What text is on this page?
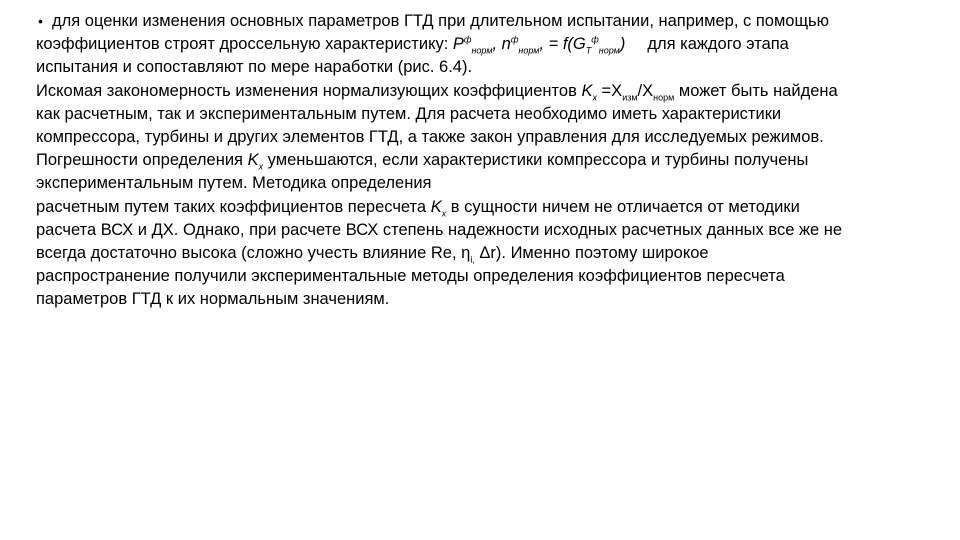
• для оценки изменения основных параметров ГТД при длительном испытании, например, с помощью
коэффициентов строят дроссельную характеристику: $P^ф_{норм}$, $n^ф_{норм}$, = $f(G_T^ф_{норм})$ для каждого этапа
испытания и сопоставляют по мере наработки (рис. 6.4).
Искомая закономерность изменения нормализующих коэффициентов $K_x =X_{изм}/X_{норм}$ может быть найдена
как расчетным, так и экспериментальным путем. Для расчета необходимо иметь характеристики
компрессора, турбины и других элементов ГТД, а также закон управления для исследуемых режимов.
Погрешности определения $K_x$ уменьшаются, если характеристики компрессора и турбины получены
экспериментальным путем. Методика определения
расчетным путем таких коэффициентов пересчета $K_x$ в сущности ничем не отличается от методики
расчета ВСХ и ДХ. Однако, при расчете ВСХ степень надежности исходных расчетных данных все же не
всегда достаточно высока (сложно учесть влияние Re, $\eta_{i,}$ Δr). Именно поэтому широкое
распространение получили экспериментальные методы определения коэффициентов пересчета
параметров ГТД к их нормальным значениям.
